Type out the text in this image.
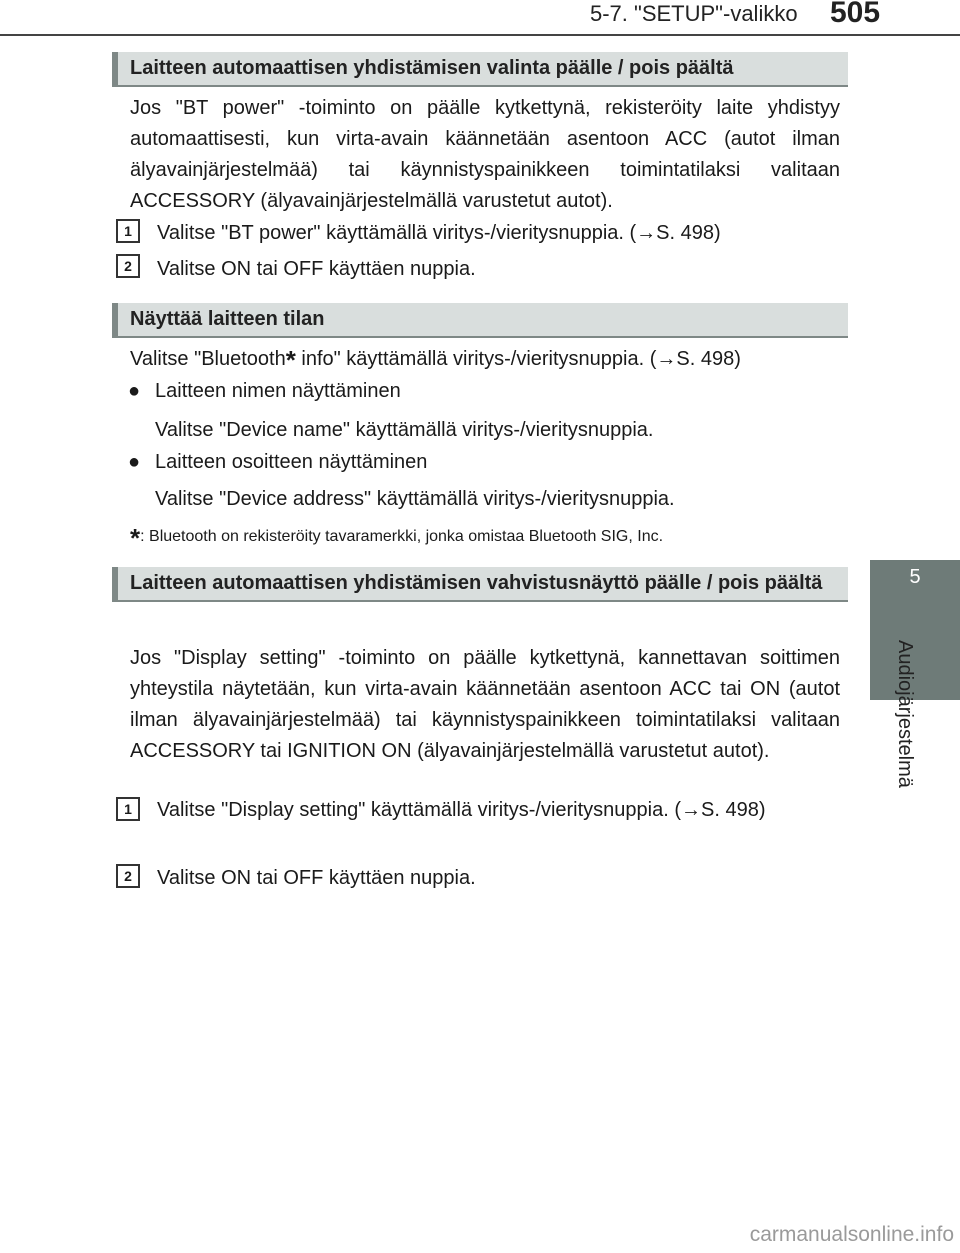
5-7. "SETUP"-valikko 505
5
Audiojärjestelmä
Laitteen automaattisen yhdistämisen valinta päälle / pois päältä

Jos "BT power" -toiminto on päälle kytkettynä, rekisteröity laite yhdistyy automaattisesti, kun virta-avain käännetään asentoon ACC (autot ilman älyavainjärjestelmää) tai käynnistyspainikkeen toimintatilaksi valitaan ACCESSORY (älyavainjärjestelmällä varustetut autot).

1	Valitse "BT power" käyttämällä viritys-/vieritysnuppia. (→S. 498)

2	Valitse ON tai OFF käyttäen nuppia.

Näyttää laitteen tilan

Valitse "Bluetooth* info" käyttämällä viritys-/vieritysnuppia. (→S. 498)

● Laitteen nimen näyttäminen
Valitse "Device name" käyttämällä viritys-/vieritysnuppia.
● Laitteen osoitteen näyttäminen
Valitse "Device address" käyttämällä viritys-/vieritysnuppia.
*: Bluetooth on rekisteröity tavaramerkki, jonka omistaa Bluetooth SIG, Inc.
Laitteen automaattisen yhdistämisen vahvistusnäyttö päälle / pois päältä

Jos "Display setting" -toiminto on päälle kytkettynä, kannettavan soittimen yhteystila näytetään, kun virta-avain käännetään asentoon ACC tai ON (autot ilman älyavainjärjestelmää) tai käynnistyspainikkeen toimintatilaksi valitaan ACCESSORY tai IGNITION ON (älyavainjärjestelmällä varustetut autot).

1	Valitse "Display setting" käyttämällä viritys-/vieritysnuppia. (→S. 498)

2	Valitse ON tai OFF käyttäen nuppia.

carmanualsonline.info
